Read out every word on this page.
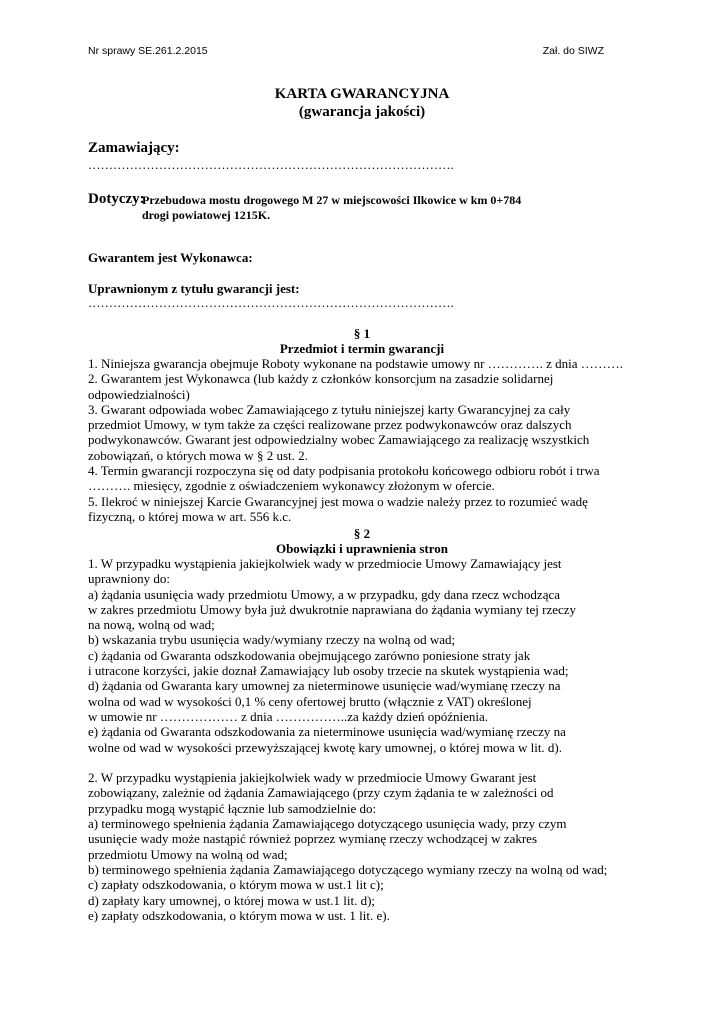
Nr sprawy SE.261.2.2015	Zał. do SIWZ
KARTA GWARANCYJNA
(gwarancja jakości)
Zamawiający:
…………………………………………………………………………….
Dotyczy:
Przebudowa mostu drogowego M 27 w miejscowości Ilkowice w km 0+784
drogi powiatowej 1215K.
Gwarantem jest Wykonawca:
Uprawnionym z tytułu gwarancji jest:
…………………………………………………………………………….
§ 1
Przedmiot i termin gwarancji

1. Niniejsza gwarancja obejmuje Roboty wykonane na podstawie umowy nr …………. z dnia ……….

2. Gwarantem jest Wykonawca (lub każdy z członków konsorcjum na zasadzie solidarnej

odpowiedzialności)

3. Gwarant odpowiada wobec Zamawiającego z tytułu niniejszej karty Gwarancyjnej za cały

przedmiot Umowy, w tym także za części realizowane przez podwykonawców oraz dalszych

podwykonawców. Gwarant jest odpowiedzialny wobec Zamawiającego za realizację wszystkich

zobowiązań, o których mowa w § 2 ust. 2.

4. Termin gwarancji rozpoczyna się od daty podpisania protokołu końcowego odbioru robót i trwa

………. miesięcy, zgodnie z oświadczeniem wykonawcy złożonym w ofercie.

5. Ilekroć w niniejszej Karcie Gwarancyjnej jest mowa o wadzie należy przez to rozumieć wadę

fizyczną, o której mowa w art. 556 k.c.

§ 2
Obowiązki i uprawnienia stron

1. W przypadku wystąpienia jakiejkolwiek wady w przedmiocie Umowy Zamawiający jest

uprawniony do:

a) żądania usunięcia wady przedmiotu Umowy, a w przypadku, gdy dana rzecz wchodząca

w zakres przedmiotu Umowy była już dwukrotnie naprawiana do żądania wymiany tej rzeczy

na nową, wolną od wad;

b) wskazania trybu usunięcia wady/wymiany rzeczy na wolną od wad;

c) żądania od Gwaranta odszkodowania obejmującego zarówno poniesione straty jak

i utracone korzyści, jakie doznał Zamawiający lub osoby trzecie na skutek wystąpienia wad;

d) żądania od Gwaranta kary umownej za nieterminowe usunięcie wad/wymianę rzeczy na

wolna od wad w wysokości 0,1 % ceny ofertowej brutto (włącznie z VAT) określonej

w umowie nr ……………… z dnia ……………..za każdy dzień opóźnienia.

e) żądania od Gwaranta odszkodowania za nieterminowe usunięcia wad/wymianę rzeczy na

wolne od wad w wysokości przewyższającej kwotę kary umownej, o której mowa w lit. d).

2. W przypadku wystąpienia jakiejkolwiek wady w przedmiocie Umowy Gwarant jest

zobowiązany, zależnie od żądania Zamawiającego (przy czym żądania te w zależności od

przypadku mogą wystąpić łącznie lub samodzielnie do:

a) terminowego spełnienia żądania Zamawiającego dotyczącego usunięcia wady, przy czym

usunięcie wady może nastąpić również poprzez wymianę rzeczy wchodzącej w zakres

przedmiotu Umowy na wolną od wad;

b) terminowego spełnienia żądania Zamawiającego dotyczącego wymiany rzeczy na wolną od wad;

c) zapłaty odszkodowania, o którym mowa w ust.1 lit c);

d) zapłaty kary umownej, o której mowa w ust.1 lit. d);

e) zapłaty odszkodowania, o którym mowa w ust. 1 lit. e).
